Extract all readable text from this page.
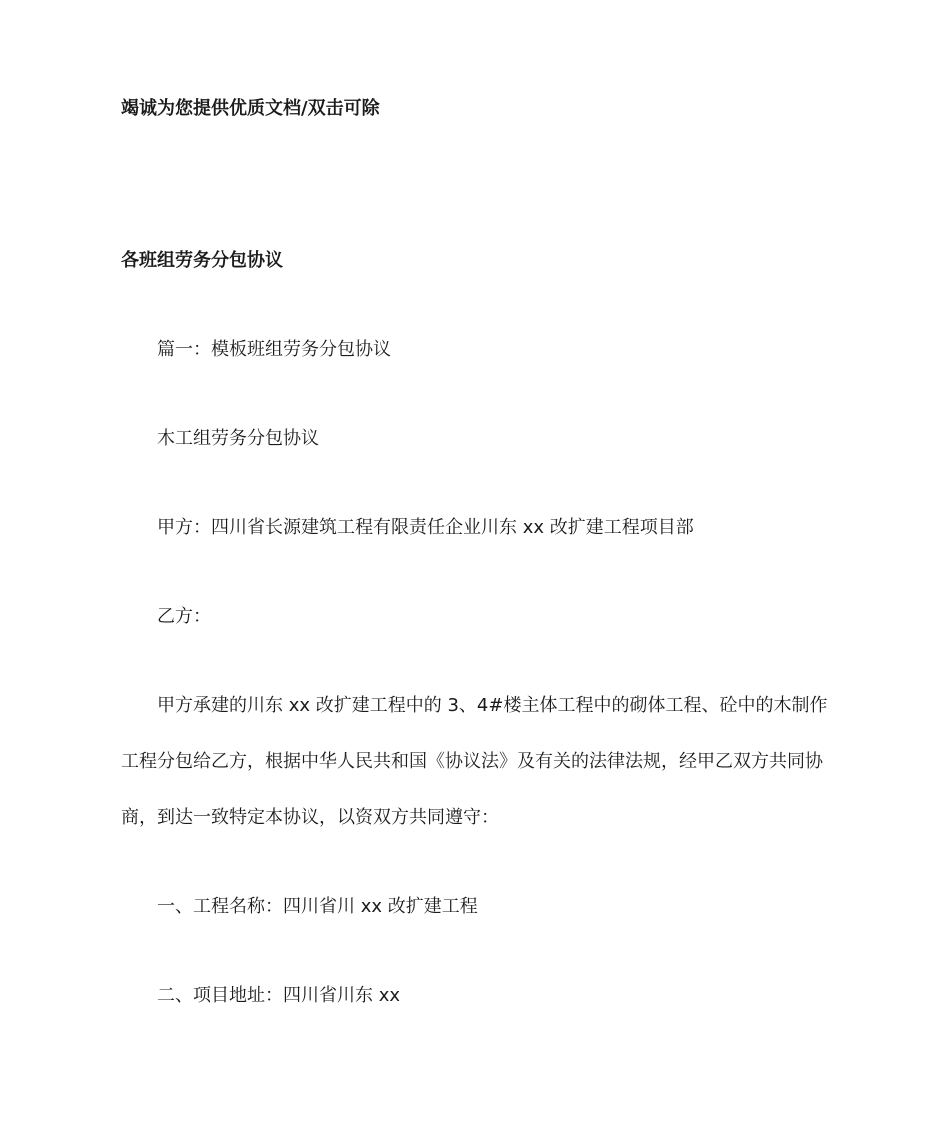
竭诚为您提供优质文档/双击可除
各班组劳务分包协议
篇一：模板班组劳务分包协议
木工组劳务分包协议
甲方：四川省长源建筑工程有限责任企业川东 xx 改扩建工程项目部
乙方：
甲方承建的川东 xx 改扩建工程中的 3、4#楼主体工程中的砌体工程、砼中的木制作
工程分包给乙方，根据中华人民共和国《协议法》及有关的法律法规，经甲乙双方共同协
商，到达一致特定本协议，以资双方共同遵守：
一、工程名称：四川省川 xx 改扩建工程
二、项目地址：四川省川东 xx
